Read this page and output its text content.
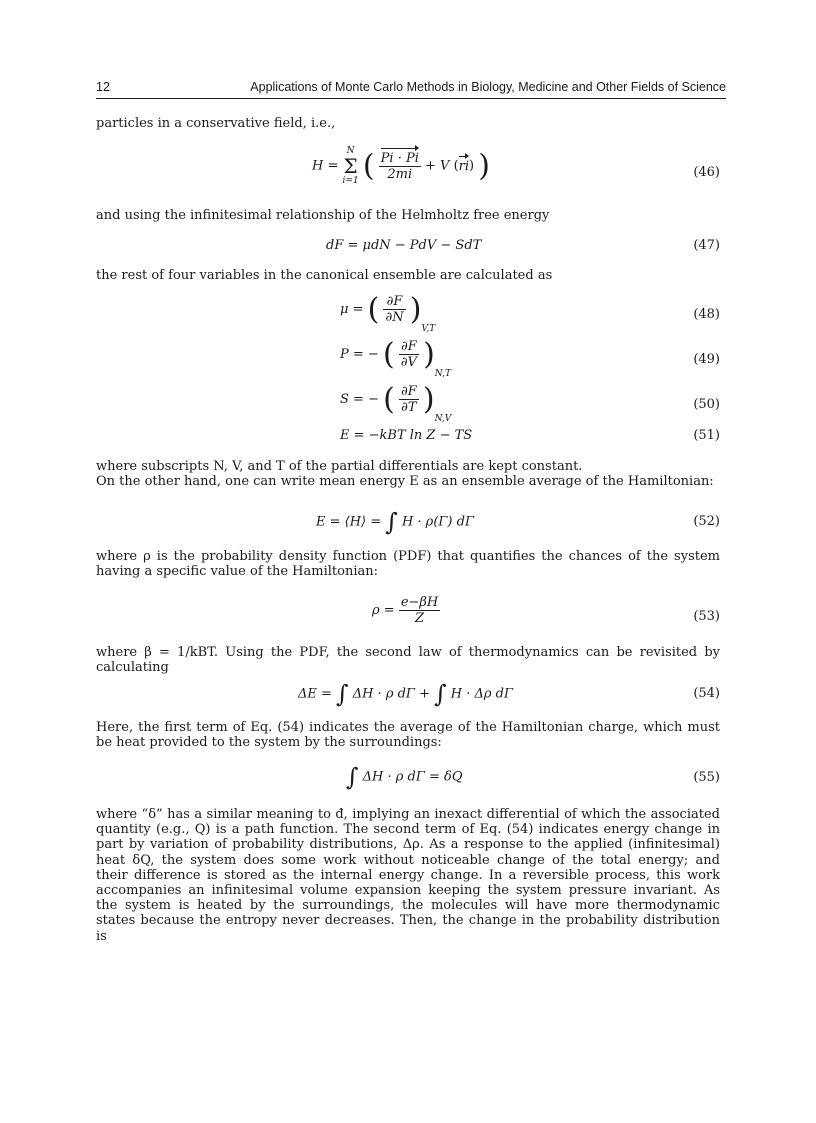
12	Applications of Monte Carlo Methods in Biology, Medicine and Other Fields of Science
particles in a conservative field, i.e.,
H =
N
Σ
i=1 ( $\frac{Pi \cdot Pi}{2mi} + V$ (ri) )	(46)
and using the infinitesimal relationship of the Helmholtz free energy
dF = μdN − PdV − SdT	(47)
the rest of four variables in the canonical ensemble are calculated as
μ = ( $\frac{\partial F}{\partial N} )_{V,T}$
(48)
P = − ( $\frac{\partial F}{\partial V} )_{N,T}$
(49)
S = − ( $\frac{\partial F}{\partial T} )_{N,V}$
(50)
E = −kBT ln Z − TS	(51)
where subscripts N, V, and T of the partial differentials are kept constant.
On the other hand, one can write mean energy E as an ensemble average of the Hamiltonian:
E = ⟨H⟩ = ∫ H · ρ(Γ) dΓ	(52)
where ρ is the probability density function (PDF) that quantifies the chances of the system
having a specific value of the Hamiltonian:
$\rho = \frac{e-\beta H}{Z}$	(53)
where β = 1/kBT. Using the PDF, the second law of thermodynamics can be revisited by
calculating
ΔE = ∫ ΔH · ρ dΓ + ∫ H · Δρ dΓ	(54)
Here, the first term of Eq. (54) indicates the average of the Hamiltonian charge, which must
be heat provided to the system by the surroundings:
∫ ΔH · ρ dΓ = δQ	(55)
where “δ” has a similar meaning to đ, implying an inexact differential of which the associated
quantity (e.g., Q) is a path function. The second term of Eq. (54) indicates energy change in
part by variation of probability distributions, Δρ. As a response to the applied (infinitesimal)
heat δQ, the system does some work without noticeable change of the total energy; and
their difference is stored as the internal energy change. In a reversible process, this work
accompanies an infinitesimal volume expansion keeping the system pressure invariant. As
the system is heated by the surroundings, the molecules will have more thermodynamic
states because the entropy never decreases. Then, the change in the probability distribution is
